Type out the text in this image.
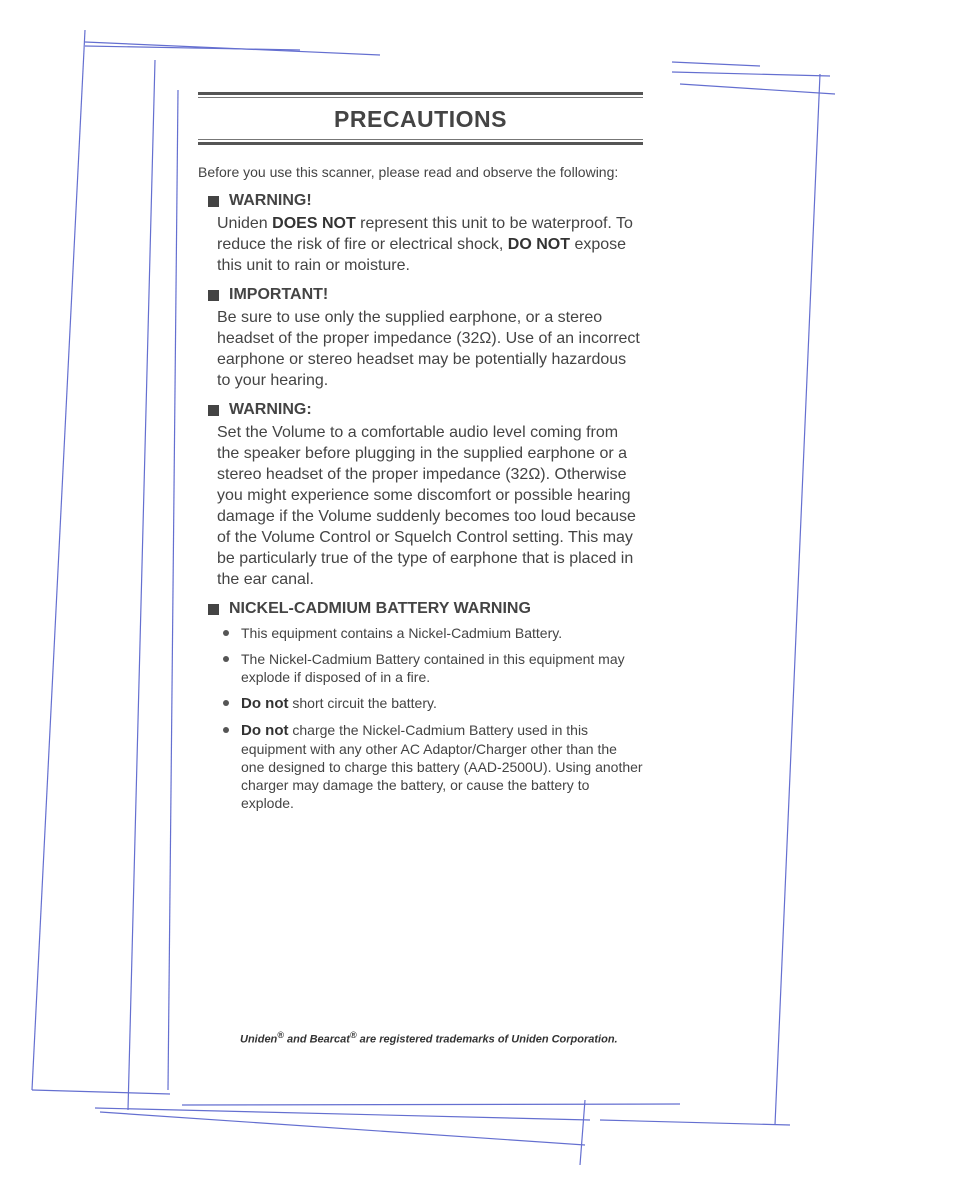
PRECAUTIONS
Before you use this scanner, please read and observe the following:
WARNING!
Uniden DOES NOT represent this unit to be waterproof. To reduce the risk of fire or electrical shock, DO NOT expose this unit to rain or moisture.
IMPORTANT!
Be sure to use only the supplied earphone, or a stereo headset of the proper impedance (32Ω). Use of an incorrect earphone or stereo headset may be potentially hazardous to your hearing.
WARNING:
Set the Volume to a comfortable audio level coming from the speaker before plugging in the supplied earphone or a stereo headset of the proper impedance (32Ω). Otherwise you might experience some discomfort or possible hearing damage if the Volume suddenly becomes too loud because of the Volume Control or Squelch Control setting. This may be particularly true of the type of earphone that is placed in the ear canal.
NICKEL-CADMIUM BATTERY WARNING
This equipment contains a Nickel-Cadmium Battery.
The Nickel-Cadmium Battery contained in this equipment may explode if disposed of in a fire.
Do not short circuit the battery.
Do not charge the Nickel-Cadmium Battery used in this equipment with any other AC Adaptor/Charger other than the one designed to charge this battery (AAD-2500U). Using another charger may damage the battery, or cause the battery to explode.
Uniden® and Bearcat® are registered trademarks of Uniden Corporation.
